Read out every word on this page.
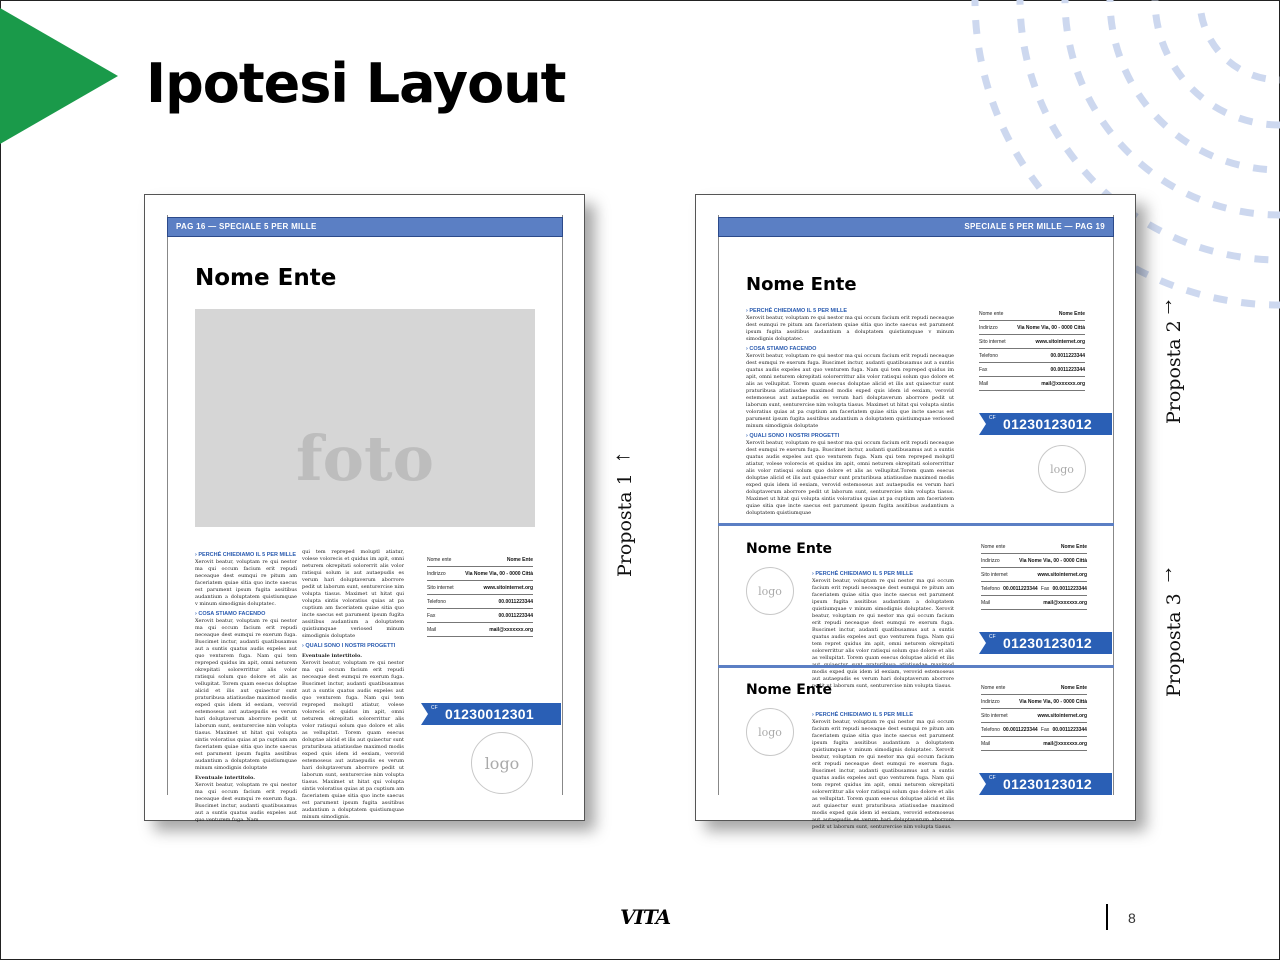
Ipotesi Layout
PAG 16 — SPECIALE 5 PER MILLE
Nome Ente
foto
› PERCHÉ CHIEDIAMO IL 5 PER MILLE
Xerovit beatur, voluptam re qui nestor ma qui occum facium erit repudi neceaque dest eumqui re pitum am faceriatem quiae sitia quo incte saecus est parument ipsum fugita assitibus audantium a doluptatem quistiumquae v minum simodignis doluptatec.
› COSA STIAMO FACENDO
Xerovit beatur, voluptam re qui nestor ma qui occum facium erit repudi neceaque dest eumqui re exerum fuga. Buscimet inctur, audanti quatibusamus aut a suntis quatus audis expeles aut quo venturem fuga. Nam qui tem repreped quidus im apit, omni neturem okrepitati solorerrittur alis volor ratisqui solum quo dolore et alis as vellupitat. Torem quam esecus doluptae alicid et ilis aut quiaectur sunt praturibusa atiatiusdae maximod modis exped quis idem id eexiam, verovid estemoseus aut autaepudis es verum hari doluptaverum aborrore pedit ut laborum sunt, senturercise nim volupta tiasus. Maximet ut hitat qui volupta sintis voloratius quias at pa cuptium am faceriatem quiae sitia quo incte saecus est parument ipsum fugita assitibus audantium a doluptatem quistiumquae minum simodignis doluptate
Eventuale intertitolo.
Xerovit beatur, voluptam re qui nestor ma qui occum facium erit repudi neceaque dest eumqui re exerum fuga. Buscimet inctur, audanti quatibusamus aut a suntis quatus audis expeles aut quo venturem fuga. Nam
qui tem repreped moluptl atiatur, volese volorecis et quidus im apit, omni neturem okrepitati solorerrit alis volor ratisqui solum is aut autaepudis es verum hari doluptaverum aborrore pedit ut laborum sunt, senturercise nim volupta tiasus. Maximet ut hitat qui volupta sintis voloratius quias at pa cuptium am faceriatem quiae sitia quo incte saecus est parument ipsum fugita assitibus audantium a doluptatem quistiumquae veriosed minum simodignis doluptate
› QUALI SONO I NOSTRI PROGETTI
Eventuale intertitolo.
Xerovit beatur, voluptam re qui nestor ma qui occum facium erit repudi neceaque dest eumqui re exerum fuga. Buscimet inctur, audanti quatibusamus aut a suntis quatus audis expeles aut quo venturem fuga. Nam qui tem repreped moluptl atiatur, volese volorecis et quidus im apit, omni neturem okrepitati solorerrittur alis volor ratisqui solum quo dolore et alis as vellupitat. Torem quam esecus doluptae alicid et ilis aut quiaectur sunt praturibusa atiatiusdae maximod modis exped quis idem id eexiam, verovid estemoseus aut autaepudis es verum hari doluptaverum aborrore pedit ut laborum sunt, senturercise nim volupta tiasus. Maximet ut hitat qui volupta sintis voloratius quias at pa cuptium am faceriatem quiae sitia quo incte saecus est parument ipsum fugita assitibus audantium a doluptatem quistiumquae minum simodignis.
Nome ente	Nome Ente
Indirizzo	Via Nome Via, 00 - 0000 Città
Sito internet	www.sitointernet.org
Telefono	00.0011223344
Fax	00.0011223344
Mail	mail@xxxxxxx.org
CF 01230012301
logo
←
Proposta 1
SPECIALE 5 PER MILLE — PAG 19
Nome Ente
› PERCHÉ CHIEDIAMO IL 5 PER MILLE
Xerovit beatur, voluptam re qui nestor ma qui occum facium erit repudi neceaque dest eumqui re pitum am faceriatem quiae sitia quo incte saecus est parument ipsum fugita assitibus audantium a doluptatem quistiumquae v minum simodignis doluptatec.
› COSA STIAMO FACENDO
Xerovit beatur, voluptam re qui nestor ma qui occum facium erit repudi neceaque dest eumqui re exerum fuga. Buscimet inctur, audanti quatibusamus aut a suntis quatus audis expeles aut quo venturem fuga. Nam qui tem repreped quidus im apit, omni neturem okrepitati solorerrittur alis volor ratisqui solum quo dolore et alis as vellupitat. Torem quam esecus doluptae alicid et ilis aut quiaectur sunt praturibusa atiatiusdae maximod modis exped quis idem id eexiam, verovid estemoseus aut autaepudis es verum hari doluptaverum aborrore pedit ut laborum sunt, senturercise nim volupta tiasus. Maximet ut hitat qui volupta sintis voloratius quias at pa cuptium am faceriatem quiae sitia que incte saecus est parument ipsum fugita assitibus audantium a doluptatem quistiumquae veriosed minum simodignis doluptate
› QUALI SONO I NOSTRI PROGETTI
Xerovit beatur, voluptam re qui nestor ma qui occum facium erit repudi neceaque dest eumqui re exerum fuga. Buscimet inctur, audanti quatibusamus aut a suntis quatus audis expeles aut quo venturem fuga. Nam qui tem repreped moluptl atiatur, volese volorecis et quidus im apit, omni neturem okrepitati solorerrittur alis volor ratisqui solum quo dolore et alis as vellupitat.Torem quam esecus doluptae alicid et ilis aut quiaectur sunt praturibusa atiatiusdae maximod modis exped quis idem id eexiam, verovid estemoseus aut autaepudis es verum hari doluptaverum aborrore pedit ut laborum sunt, senturercise nim volupta tiasus. Maximet ut hitat qui volupta sintis voloratius quias at pa cuptium am faceriatem quiae sitia que incte saecus est parument ipsum fugita assitibus audantium a doluptatem quistiumquae
Nome ente	Nome Ente
Indirizzo	Via Nome Via, 00 - 0000 Città
Sito internet	www.sitointernet.org
Telefono	00.0011223344
Fax	00.0011223344
Mail	mail@xxxxxxx.org
CF 01230123012
logo
Nome Ente
logo
› PERCHÉ CHIEDIAMO IL 5 PER MILLE
Xerovit beatur, voluptam re qui nestor ma qui occum facium erit repudi neceaque dest eumqui re pitum am faceriatem quiae sitia quo incte saecus est parument ipsum fugita assitibus audantium a doluptatem quistiumquae v minum simodignis doluptatec. Xerovit beatur, voluptam re qui nestor ma qui occum facium erit repudi neceaque dest eumqui re exerum fuga. Buscimet inctur, audanti quatibusamus aut a suntis quatus audis expeles aut quo venturem fuga. Nam qui tem repret quidus im apit, omni neturem okrepitati solorerrittur alis volor ratisqui solum quo dolore et alis as vellupitat. Torem quam esecus doluptae alicid et ilis modis exped quis idem id eexiam, verovid estemoseus aut autaepudis es verum hari doluptaverum aborrore pedit ut laborum sunt, senturercise nim volupta tiasus.
Nome ente	Nome Ente
Indirizzo	Via Nome Via, 00 - 0000 Città
Sito internet	www.sitointernet.org
Telefono 00.0011223344 Fax 00.0011223344
Mail	mail@xxxxxxx.org
CF 01230123012
Nome Ente
logo
› PERCHÉ CHIEDIAMO IL 5 PER MILLE
Xerovit beatur, voluptam re qui nestor ma qui occum facium erit repudi neceaque dest eumqui re pitum am faceriatem quiae sitia quo incte saecus est parument ipsum fugita assitibus audantium a doluptatem quistiumquae v minum simodignis doluptatec. Xerovit beatur, voluptam re qui nestor ma qui occum facium erit repudi neceaque dest eumqui re exerum fuga. Buscimet inctur, audanti quatibusamus aut a suntis quatus audis expeles aut quo venturem fuga. Nam qui tem repret quidus im apit, omni neturem okrepitati solorerrittur alis volor ratisqui solum quo dolore et alis as vellupitat. Torem quam esecus doluptae alicid et ilis aut quiaectur sunt praturibusa atiatiusdae maximod modis exped quis idem id eexiam, verovid estemoseus aut autaepudis es verum hari doluptaverum aborrore pedit ut laborum sunt, senturercise nim volupta tiasus.
Nome ente	Nome Ente
Indirizzo	Via Nome Via, 00 - 0000 Città
Sito internet	www.sitointernet.org
Telefono 00.0011223344 Fax 00.0011223344
Mail	mail@xxxxxxx.org
CF 01230123012
↑
Proposta 2
↑
Proposta 3
VITA	8
